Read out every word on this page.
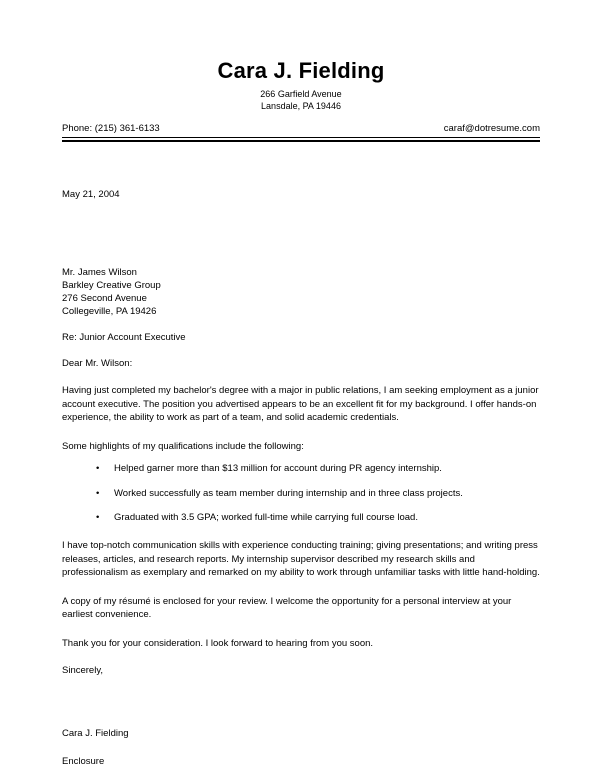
Cara J. Fielding
266 Garfield Avenue
Lansdale, PA 19446
Phone: (215) 361-6133	caraf@dotresume.com
May 21, 2004
Mr. James Wilson
Barkley Creative Group
276 Second Avenue
Collegeville, PA 19426
Re: Junior Account Executive
Dear Mr. Wilson:

Having just completed my bachelor's degree with a major in public relations, I am seeking employment as a junior account executive. The position you advertised appears to be an excellent fit for my background. I offer hands-on experience, the ability to work as part of a team, and solid academic credentials.

Some highlights of my qualifications include the following:

• Helped garner more than $13 million for account during PR agency internship.
• Worked successfully as team member during internship and in three class projects.
• Graduated with 3.5 GPA; worked full-time while carrying full course load.

I have top-notch communication skills with experience conducting training; giving presentations; and writing press releases, articles, and research reports. My internship supervisor described my research skills and professionalism as exemplary and remarked on my ability to work through unfamiliar tasks with little hand-holding.

A copy of my résumé is enclosed for your review. I welcome the opportunity for a personal interview at your earliest convenience.

Thank you for your consideration. I look forward to hearing from you soon.
Sincerely,
Cara J. Fielding
Enclosure
